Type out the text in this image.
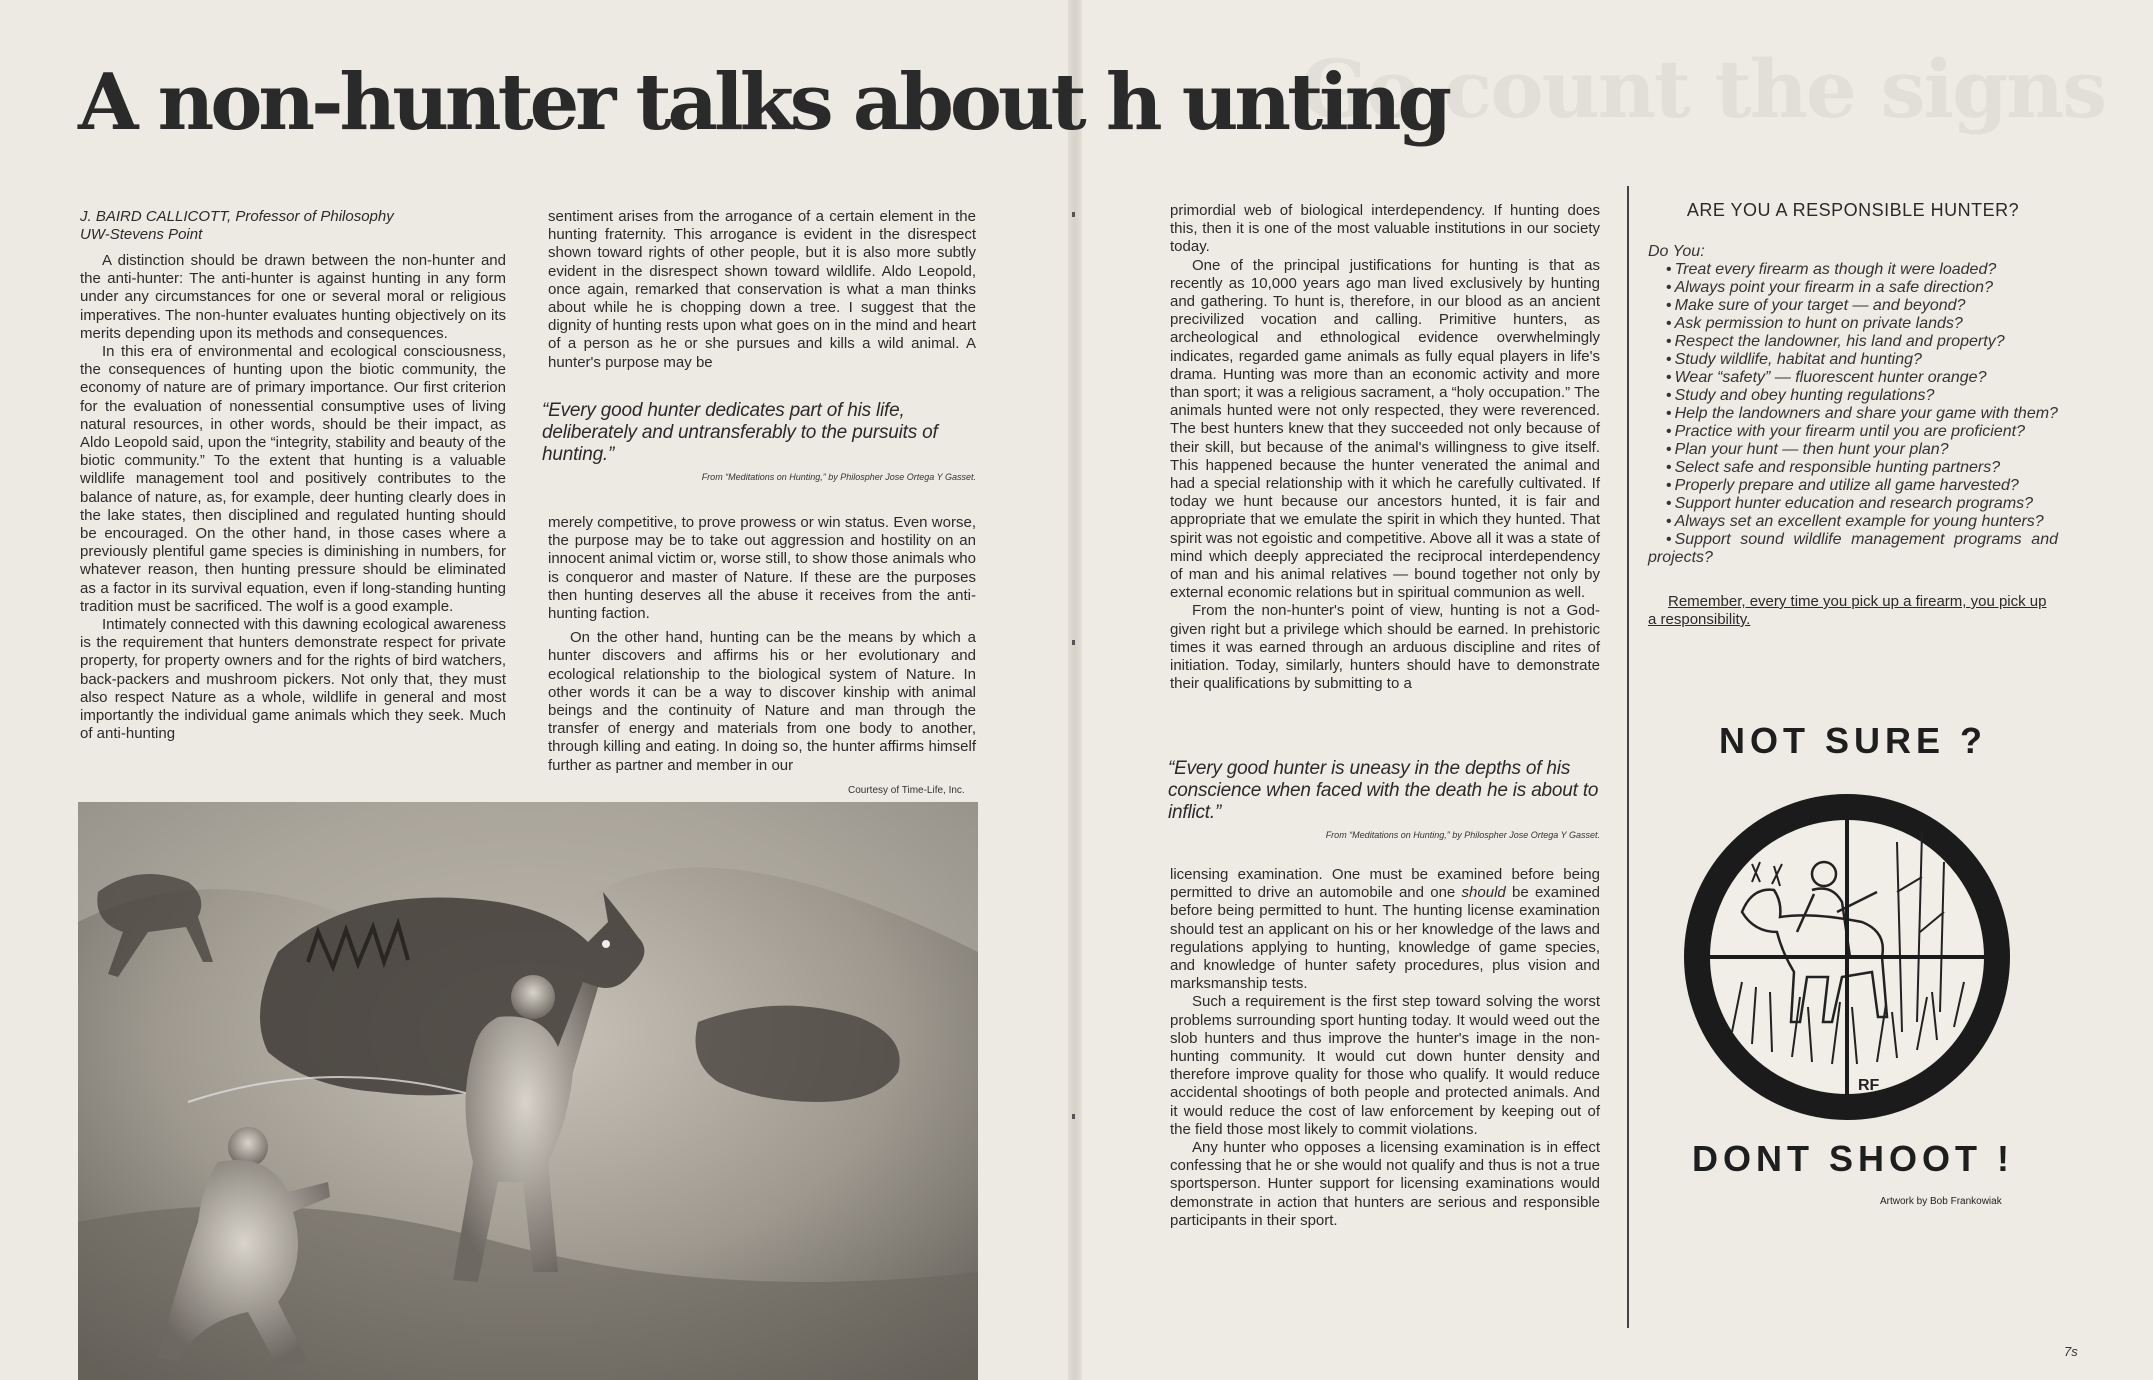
Go count the signs
A non-hunter talks about h unting
J. BAIRD CALLICOTT, Professor of Philosophy
UW-Stevens Point

A distinction should be drawn between the non-hunter and the anti-hunter: The anti-hunter is against hunting in any form under any circumstances for one or several moral or religious imperatives. The non-hunter evaluates hunting objectively on its merits depending upon its methods and consequences.

In this era of environmental and ecological consciousness, the consequences of hunting upon the biotic community, the economy of nature are of primary importance. Our first criterion for the evaluation of nonessential consumptive uses of living natural resources, in other words, should be their impact, as Aldo Leopold said, upon the “integrity, stability and beauty of the biotic community.” To the extent that hunting is a valuable wildlife management tool and positively contributes to the balance of nature, as, for example, deer hunting clearly does in the lake states, then disciplined and regulated hunting should be encouraged. On the other hand, in those cases where a previously plentiful game species is diminishing in numbers, for whatever reason, then hunting pressure should be eliminated as a factor in its survival equation, even if long-standing hunting tradition must be sacrificed. The wolf is a good example.

Intimately connected with this dawning ecological awareness is the requirement that hunters demonstrate respect for private property, for property owners and for the rights of bird watchers, back-packers and mushroom pickers. Not only that, they must also respect Nature as a whole, wildlife in general and most importantly the individual game animals which they seek. Much of anti-hunting

sentiment arises from the arrogance of a certain element in the hunting fraternity. This arrogance is evident in the disrespect shown toward rights of other people, but it is also more subtly evident in the disrespect shown toward wildlife. Aldo Leopold, once again, remarked that conservation is what a man thinks about while he is chopping down a tree. I suggest that the dignity of hunting rests upon what goes on in the mind and heart of a person as he or she pursues and kills a wild animal. A hunter's purpose may be

“Every good hunter dedicates part of his life, deliberately and untransferably to the pursuits of hunting.”
From “Meditations on Hunting,” by Philospher Jose Ortega Y Gasset.

merely competitive, to prove prowess or win status. Even worse, the purpose may be to take out aggression and hostility on an innocent animal victim or, worse still, to show those animals who is conqueror and master of Nature. If these are the purposes then hunting deserves all the abuse it receives from the anti-hunting faction.

On the other hand, hunting can be the means by which a hunter discovers and affirms his or her evolutionary and ecological relationship to the biological system of Nature. In other words it can be a way to discover kinship with animal beings and the continuity of Nature and man through the transfer of energy and materials from one body to another, through killing and eating. In doing so, the hunter affirms himself further as partner and member in our

Courtesy of Time-Life, Inc.

primordial web of biological interdependency. If hunting does this, then it is one of the most valuable institutions in our society today.

One of the principal justifications for hunting is that as recently as 10,000 years ago man lived exclusively by hunting and gathering. To hunt is, therefore, in our blood as an ancient precivilized vocation and calling. Primitive hunters, as archeological and ethnological evidence overwhelmingly indicates, regarded game animals as fully equal players in life's drama. Hunting was more than an economic activity and more than sport; it was a religious sacrament, a “holy occupation.” The animals hunted were not only respected, they were reverenced. The best hunters knew that they succeeded not only because of their skill, but because of the animal's willingness to give itself. This happened because the hunter venerated the animal and had a special relationship with it which he carefully cultivated. If today we hunt because our ancestors hunted, it is fair and appropriate that we emulate the spirit in which they hunted. That spirit was not egoistic and competitive. Above all it was a state of mind which deeply appreciated the reciprocal interdependency of man and his animal relatives — bound together not only by external economic relations but in spiritual communion as well.

From the non-hunter's point of view, hunting is not a God-given right but a privilege which should be earned. In prehistoric times it was earned through an arduous discipline and rites of initiation. Today, similarly, hunters should have to demonstrate their qualifications by submitting to a

“Every good hunter is uneasy in the depths of his conscience when faced with the death he is about to inflict.”
From “Meditations on Hunting,” by Philospher Jose Ortega Y Gasset.

licensing examination. One must be examined before being permitted to drive an automobile and one should be examined before being permitted to hunt. The hunting license examination should test an applicant on his or her knowledge of the laws and regulations applying to hunting, knowledge of game species, and knowledge of hunter safety procedures, plus vision and marksmanship tests.

Such a requirement is the first step toward solving the worst problems surrounding sport hunting today. It would weed out the slob hunters and thus improve the hunter's image in the non-hunting community. It would cut down hunter density and therefore improve quality for those who qualify. It would reduce accidental shootings of both people and protected animals. And it would reduce the cost of law enforcement by keeping out of the field those most likely to commit violations.

Any hunter who opposes a licensing examination is in effect confessing that he or she would not qualify and thus is not a true sportsperson. Hunter support for licensing examinations would demonstrate in action that hunters are serious and responsible participants in their sport.

ARE YOU A RESPONSIBLE HUNTER?
Do You:
• Treat every firearm as though it were loaded?
• Always point your firearm in a safe direction?
• Make sure of your target — and beyond?
• Ask permission to hunt on private lands?
• Respect the landowner, his land and property?
• Study wildlife, habitat and hunting?
• Wear “safety” — fluorescent hunter orange?
• Study and obey hunting regulations?
• Help the landowners and share your game with them?
• Practice with your firearm until you are proficient?
• Plan your hunt — then hunt your plan?
• Select safe and responsible hunting partners?
• Properly prepare and utilize all game harvested?
• Support hunter education and research programs?
• Always set an excellent example for young hunters?
• Support sound wildlife management programs and projects?
Remember, every time you pick up a firearm, you pick up a responsibility.
NOT SURE ?
RF
DONT SHOOT !
Artwork by Bob Frankowiak
7s
